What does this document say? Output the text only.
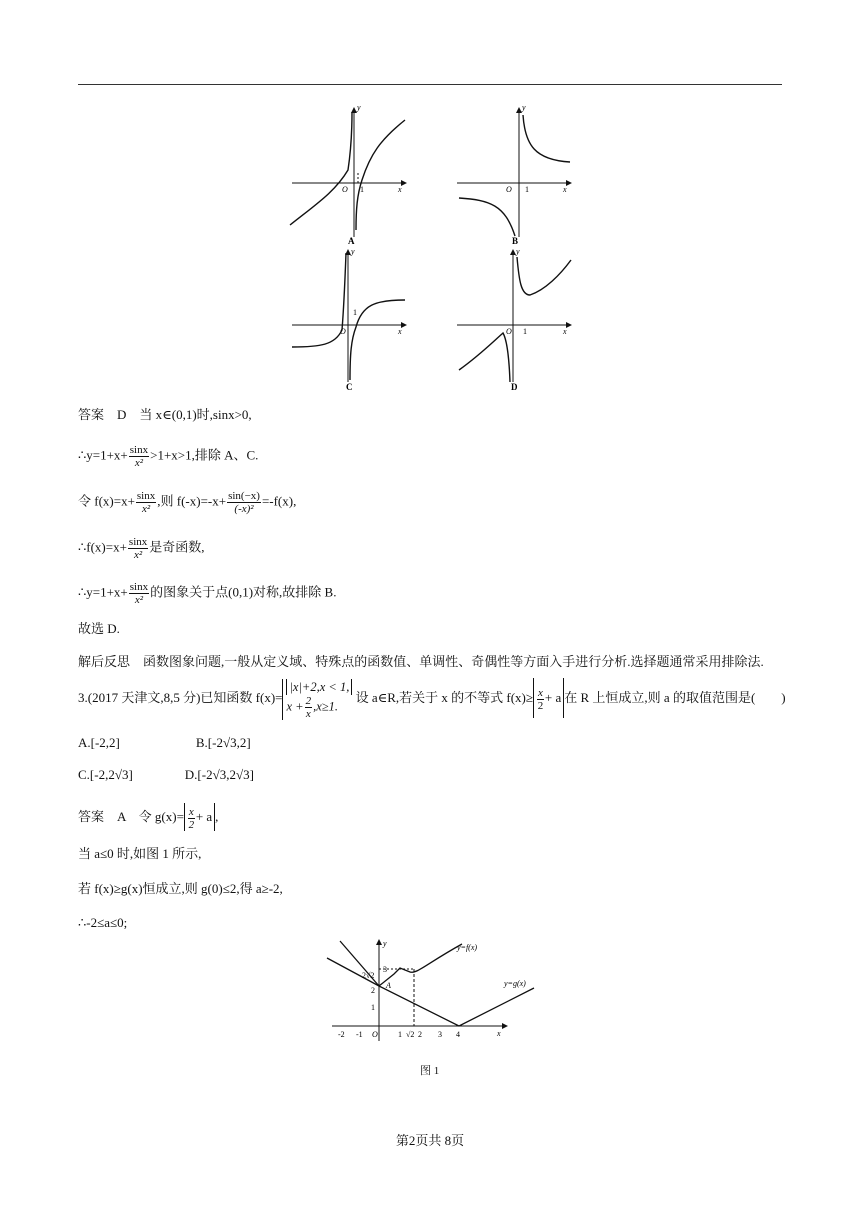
y
O 1	x
A
y
O 1	x
B
y
O
1
x
C
y
O 1	x
D
答案　D　当 x∈(0,1)时,sinx>0,
∴y=1+x+ $\frac{\sin x}{\text{x²}} >1+x>1$,排除 A、C.
令 $f(x)=x+ \frac{\sin x}{\text{x²}}$ ,则 $f(-x)=-x+ \frac{\sin(-x)}{\text{(-x)²}} =-f(x)$,
∴f(x)=x+ $\frac{\sin x}{\text{x²}}$ 是奇函数,
∴y=1+x+ $\frac{\sin x}{\text{x²}}$ 的图象关于点(0,1)对称,故排除 B.
故选 D.
解后反思　函数图象问题,一般从定义域、特殊点的函数值、单调性、奇偶性等方面入手进行分析.选择题通常采用排除法.
3.(2017 天津文,8,5 分)已知函数 f(x)=
|x|+2,x < 1,
$x + \frac{2}{x} ,x\ge 1$.
设 a∈R,若关于 x 的不等式 $f(x)\ge \frac{x}{2} + a$ 在 R 上恒成立,则 a 的取值范围是(　　)
A.[-2,2]	B.[-2√3,2]
C.[-2,2√3]	D.[-2√3,2√3]
答案　A　令 $g(x)= \frac{x}{2} + a$ ,
当 a≤0 时,如图 1 所示,
若 f(x)≥g(x)恒成立,则 g(0)≤2,得 a≥-2,
∴-2≤a≤0;
y=f(x)
y=g(x)
y
x
O
A
-2 -1	1 √2 2 3 4
1
2
2√2
3
图 1
第2页共 8页
